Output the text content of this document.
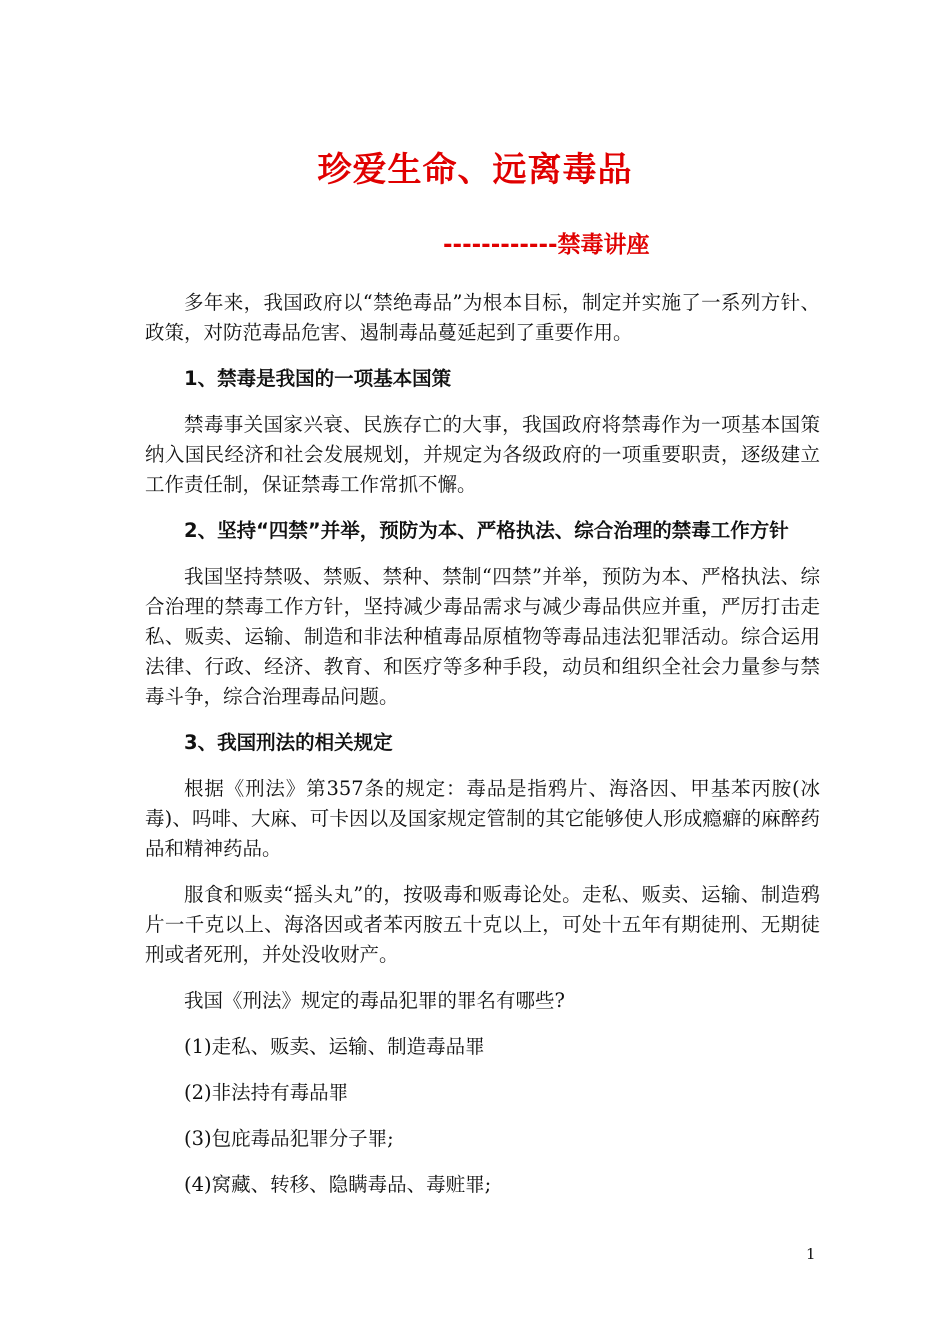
珍爱生命、远离毒品
------------禁毒讲座

多年来，我国政府以“禁绝毒品”为根本目标，制定并实施了一系列方针、政策，对防范毒品危害、遏制毒品蔓延起到了重要作用。

1、禁毒是我国的一项基本国策

禁毒事关国家兴衰、民族存亡的大事，我国政府将禁毒作为一项基本国策纳入国民经济和社会发展规划，并规定为各级政府的一项重要职责，逐级建立工作责任制，保证禁毒工作常抓不懈。

2、坚持“四禁”并举，预防为本、严格执法、综合治理的禁毒工作方针

我国坚持禁吸、禁贩、禁种、禁制“四禁”并举，预防为本、严格执法、综合治理的禁毒工作方针，坚持减少毒品需求与减少毒品供应并重，严厉打击走私、贩卖、运输、制造和非法种植毒品原植物等毒品违法犯罪活动。综合运用法律、行政、经济、教育、和医疗等多种手段，动员和组织全社会力量参与禁毒斗争，综合治理毒品问题。

3、我国刑法的相关规定

根据《刑法》第357条的规定：毒品是指鸦片、海洛因、甲基苯丙胺(冰毒)、吗啡、大麻、可卡因以及国家规定管制的其它能够使人形成瘾癖的麻醉药品和精神药品。

服食和贩卖“摇头丸”的，按吸毒和贩毒论处。走私、贩卖、运输、制造鸦片一千克以上、海洛因或者苯丙胺五十克以上，可处十五年有期徒刑、无期徒刑或者死刑，并处没收财产。

我国《刑法》规定的毒品犯罪的罪名有哪些?

(1)走私、贩卖、运输、制造毒品罪

(2)非法持有毒品罪

(3)包庇毒品犯罪分子罪;

(4)窝藏、转移、隐瞒毒品、毒赃罪;

1
